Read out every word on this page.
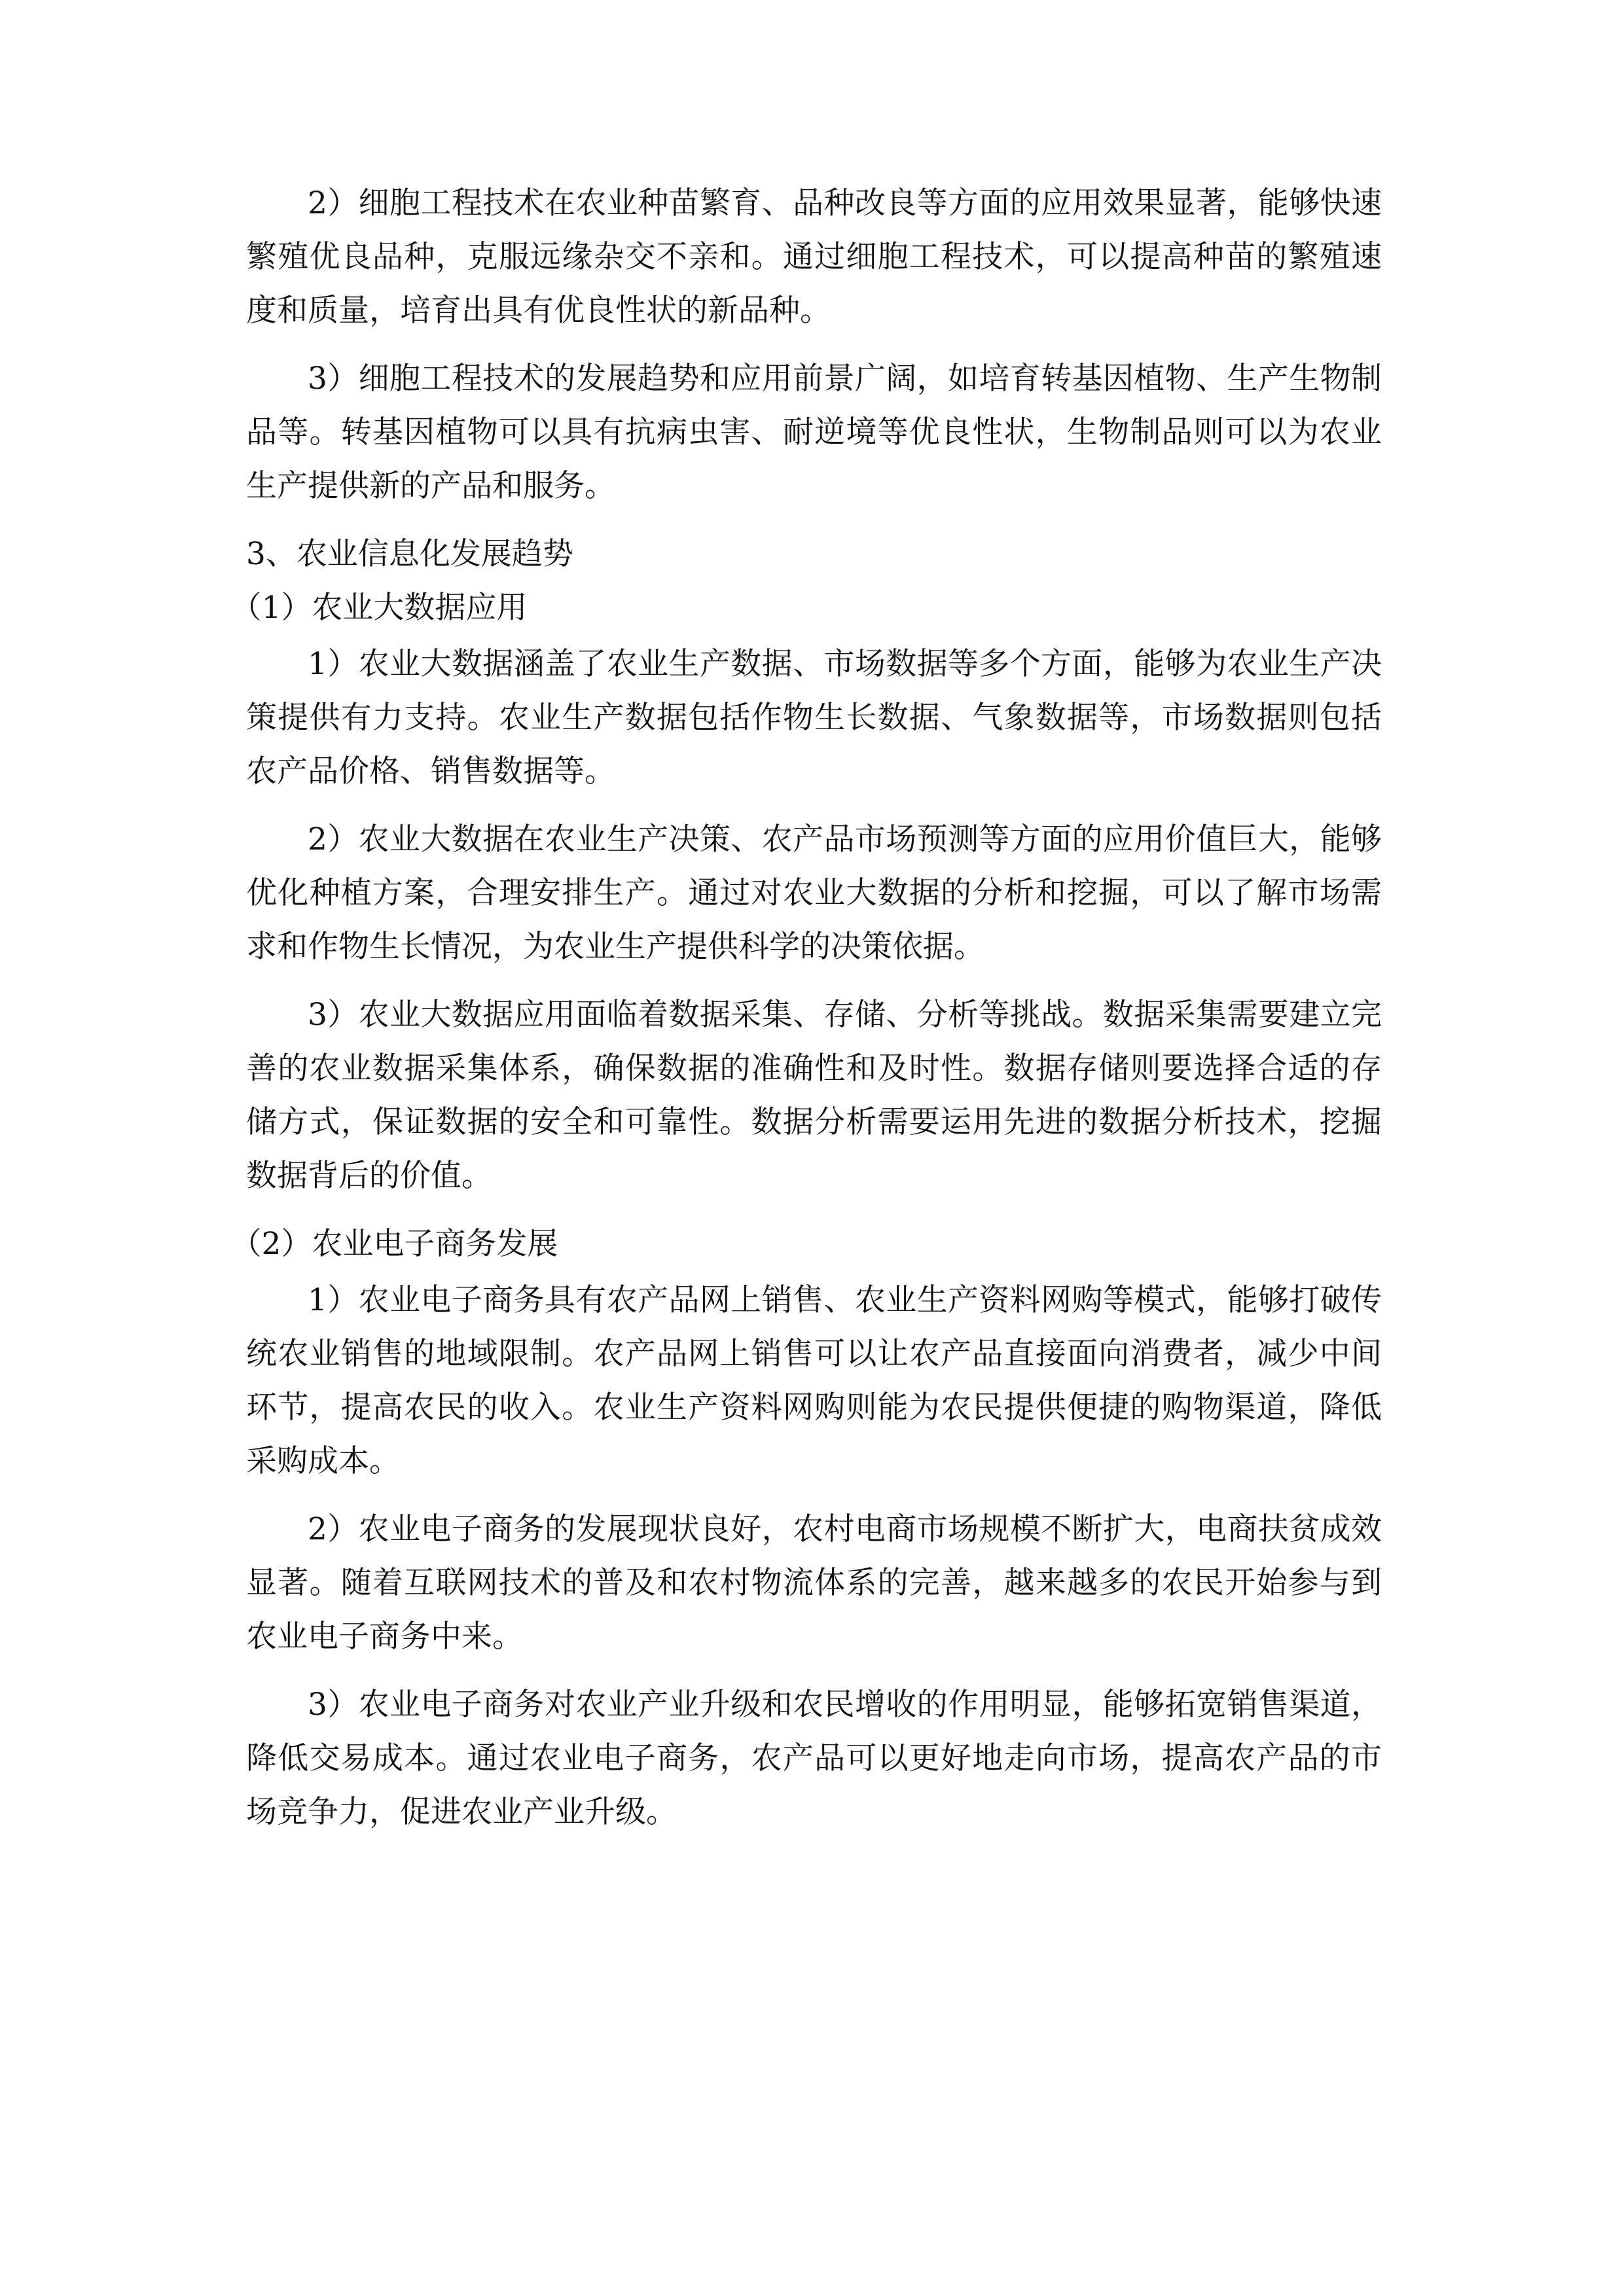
2）细胞工程技术在农业种苗繁育、品种改良等方面的应用效果显著，能够快速繁殖优良品种，克服远缘杂交不亲和。通过细胞工程技术，可以提高种苗的繁殖速度和质量，培育出具有优良性状的新品种。

3）细胞工程技术的发展趋势和应用前景广阔，如培育转基因植物、生产生物制品等。转基因植物可以具有抗病虫害、耐逆境等优良性状，生物制品则可以为农业生产提供新的产品和服务。

3、农业信息化发展趋势

（1）农业大数据应用

1）农业大数据涵盖了农业生产数据、市场数据等多个方面，能够为农业生产决策提供有力支持。农业生产数据包括作物生长数据、气象数据等，市场数据则包括农产品价格、销售数据等。

2）农业大数据在农业生产决策、农产品市场预测等方面的应用价值巨大，能够优化种植方案，合理安排生产。通过对农业大数据的分析和挖掘，可以了解市场需求和作物生长情况，为农业生产提供科学的决策依据。

3）农业大数据应用面临着数据采集、存储、分析等挑战。数据采集需要建立完善的农业数据采集体系，确保数据的准确性和及时性。数据存储则要选择合适的存储方式，保证数据的安全和可靠性。数据分析需要运用先进的数据分析技术，挖掘数据背后的价值。

（2）农业电子商务发展

1）农业电子商务具有农产品网上销售、农业生产资料网购等模式，能够打破传统农业销售的地域限制。农产品网上销售可以让农产品直接面向消费者，减少中间环节，提高农民的收入。农业生产资料网购则能为农民提供便捷的购物渠道，降低采购成本。

2）农业电子商务的发展现状良好，农村电商市场规模不断扩大，电商扶贫成效显著。随着互联网技术的普及和农村物流体系的完善，越来越多的农民开始参与到农业电子商务中来。

3）农业电子商务对农业产业升级和农民增收的作用明显，能够拓宽销售渠道，降低交易成本。通过农业电子商务，农产品可以更好地走向市场，提高农产品的市场竞争力，促进农业产业升级。
